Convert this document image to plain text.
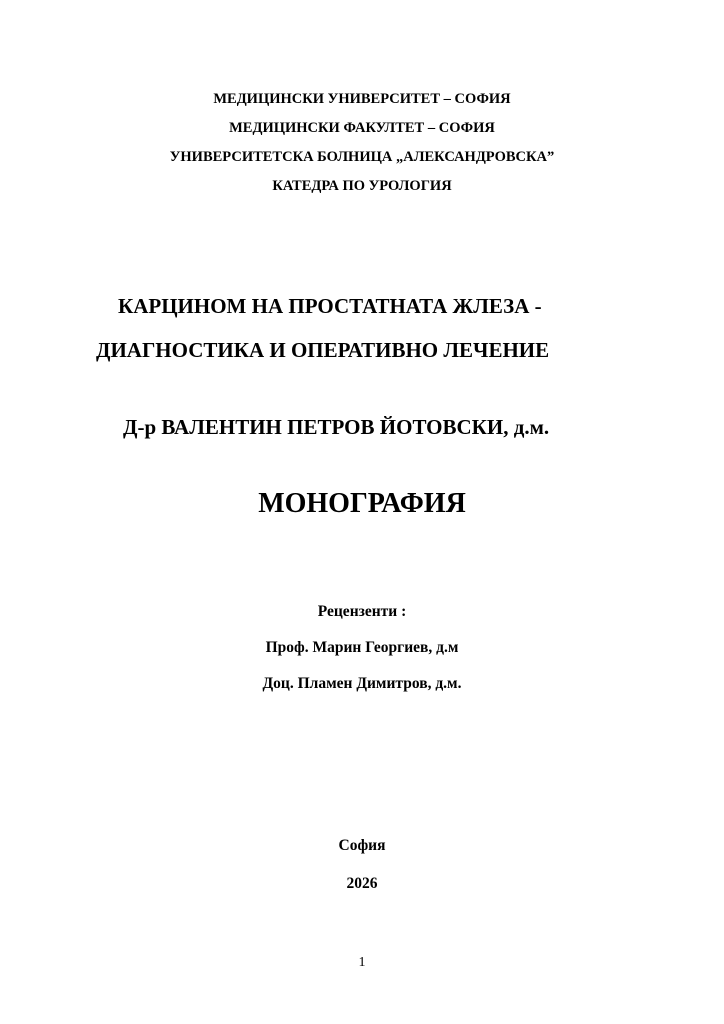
МЕДИЦИНСКИ УНИВЕРСИТЕТ – СОФИЯ
МЕДИЦИНСКИ ФАКУЛТЕТ – СОФИЯ
УНИВЕРСИТЕТСКА БОЛНИЦА „АЛЕКСАНДРОВСКА”
КАТЕДРА ПО УРОЛОГИЯ
КАРЦИНОМ НА ПРОСТАТНАТА ЖЛЕЗА -
ДИАГНОСТИКА И ОПЕРАТИВНО ЛЕЧЕНИЕ
Д-р ВАЛЕНТИН ПЕТРОВ ЙОТОВСКИ, д.м.
МОНОГРАФИЯ
Рецензенти :
Проф. Марин Георгиев, д.м
Доц. Пламен Димитров, д.м.
София
2026
1
